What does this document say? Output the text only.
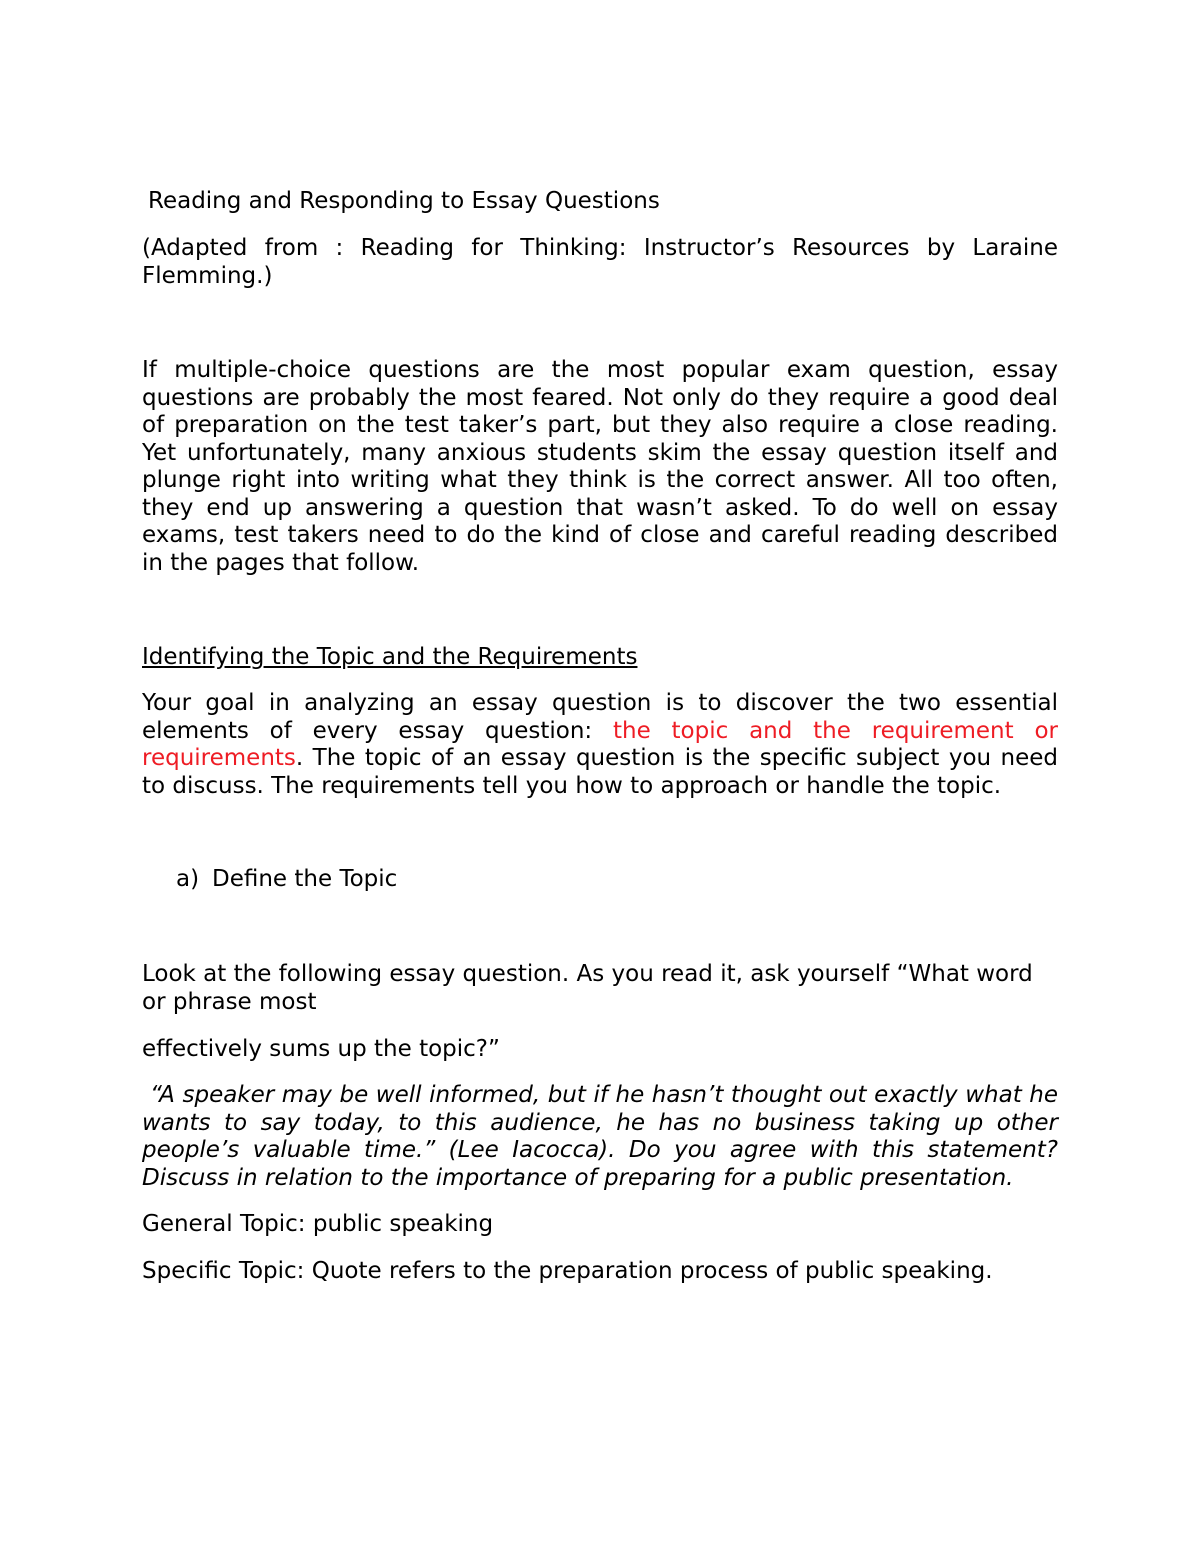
Reading and Responding to Essay Questions

(Adapted from : Reading for Thinking: Instructor’s Resources by Laraine Flemming.)

If multiple-choice questions are the most popular exam question, essay questions are probably the most feared. Not only do they require a good deal of preparation on the test taker’s part, but they also require a close reading. Yet unfortunately, many anxious students skim the essay question itself and plunge right into writing what they think is the correct answer. All too often, they end up answering a question that wasn’t asked. To do well on essay exams, test takers need to do the kind of close and careful reading described in the pages that follow.

Identifying the Topic and the Requirements

Your goal in analyzing an essay question is to discover the two essential elements of every essay question: the topic and the requirement or requirements. The topic of an essay question is the specific subject you need to discuss. The requirements tell you how to approach or handle the topic.

a) Define the Topic

Look at the following essay question. As you read it, ask yourself “What word or phrase most

effectively sums up the topic?”

“A speaker may be well informed, but if he hasn’t thought out exactly what he wants to say today, to this audience, he has no business taking up other people’s valuable time.” (Lee Iacocca). Do you agree with this statement? Discuss in relation to the importance of preparing for a public presentation.

General Topic: public speaking

Specific Topic: Quote refers to the preparation process of public speaking.
